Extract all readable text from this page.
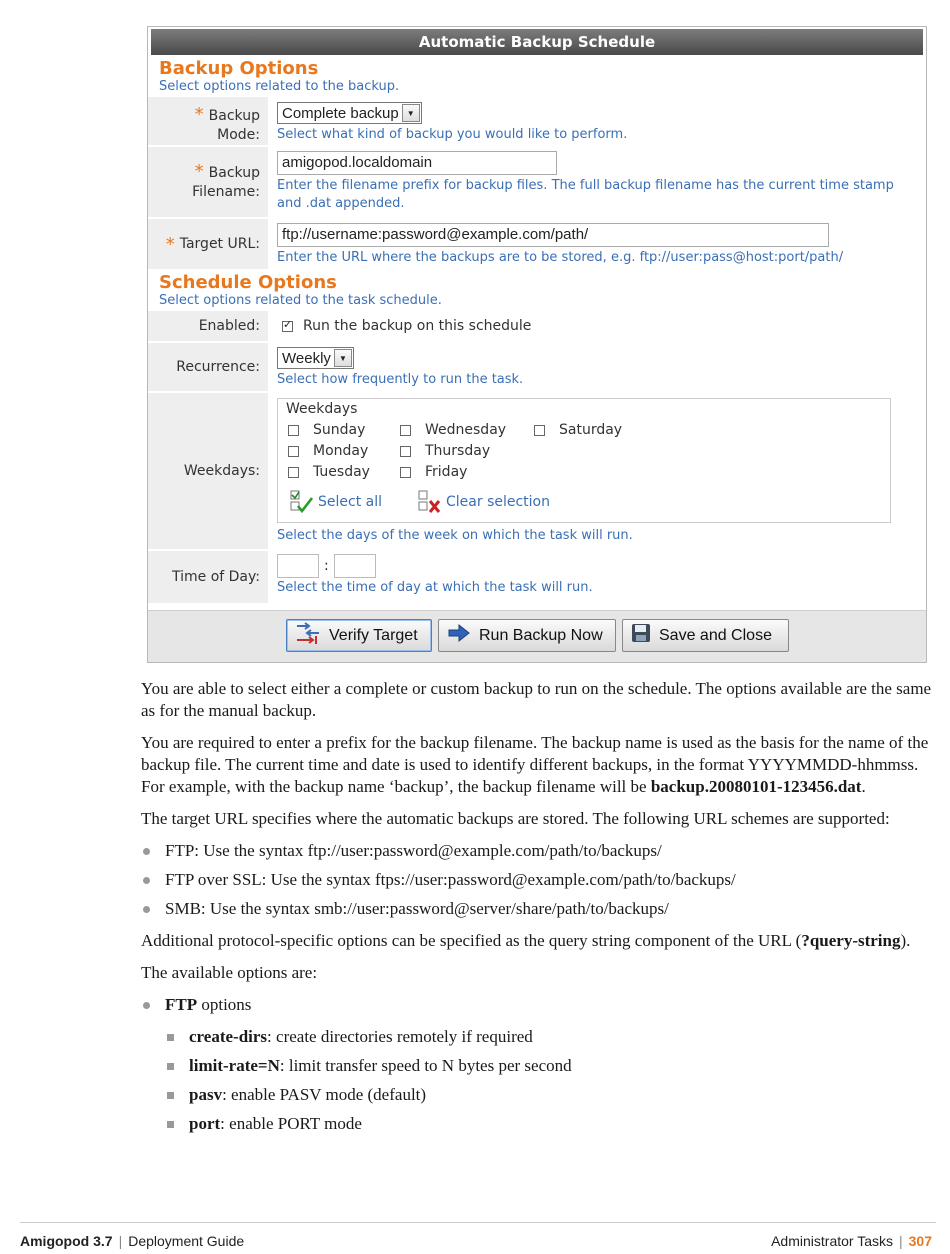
Automatic Backup Schedule
Backup Options
Select options related to the backup.
* Backup
Mode:
Complete backup	▼
Select what kind of backup you would like to perform.
* Backup
Filename:
amigopod.localdomain
Enter the filename prefix for backup files. The full backup filename has the current time stamp and .dat appended.
* Target URL:
ftp://username:password@example.com/path/
Enter the URL where the backups are to be stored, e.g. ftp://user:pass@host:port/path/
Schedule Options
Select options related to the task schedule.
Enabled:
✓	Run the backup on this schedule
Recurrence:	Weekly	▼
Select how frequently to run the task.
Weekdays:
Weekdays
Sunday	Wednesday	Saturday
Monday	Thursday
Tuesday	Friday
Select all	Clear selection
Select the days of the week on which the task will run.
Time of Day:
:
Select the time of day at which the task will run.
Verify Target	Run Backup Now	Save and Close

You are able to select either a complete or custom backup to run on the schedule. The options available are the same as for the manual backup.

You are required to enter a prefix for the backup filename. The backup name is used as the basis for the name of the backup file. The current time and date is used to identify different backups, in the format YYYYMMDD-hhmmss. For example, with the backup name ‘backup’, the backup filename will be backup.20080101-123456.dat.

The target URL specifies where the automatic backups are stored. The following URL schemes are supported:

FTP: Use the syntax ftp://user:password@example.com/path/to/backups/
FTP over SSL: Use the syntax ftps://user:password@example.com/path/to/backups/
SMB: Use the syntax smb://user:password@server/share/path/to/backups/

Additional protocol-specific options can be specified as the query string component of the URL (?query-string).

The available options are:

FTP options
create-dirs: create directories remotely if required
limit-rate=N: limit transfer speed to N bytes per second
pasv: enable PASV mode (default)
port: enable PORT mode
Amigopod 3.7 | Deployment Guide	Administrator Tasks | 307
